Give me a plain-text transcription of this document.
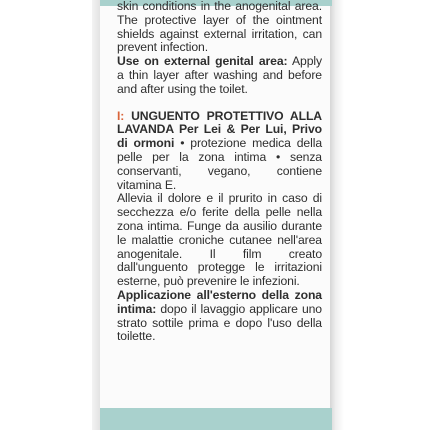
skin conditions in the anogenital area. The protective layer of the ointment shields against external irritation, can prevent infection.

Use on external genital area: Apply a thin layer after washing and before and after using the toilet.

I: UNGUENTO PROTETTIVO ALLA LAVANDA Per Lei & Per Lui, Privo di ormoni • protezione medica della pelle per la zona intima • senza conservanti, vegano, contiene vitamina E.

Allevia il dolore e il prurito in caso di secchezza e/o ferite della pelle nella zona intima. Funge da ausilio durante le malattie croniche cutanee nell'area anogenitale. Il film creato dall'unguento protegge le irritazioni esterne, può prevenire le infezioni.

Applicazione all'esterno della zona intima: dopo il lavaggio applicare uno strato sottile prima e dopo l'uso della toilette.
